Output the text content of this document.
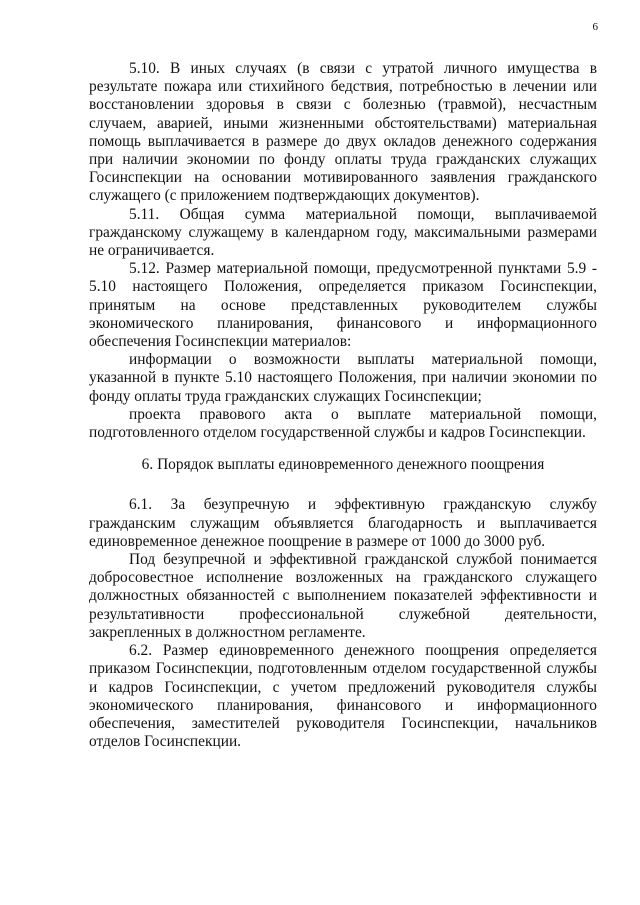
6

5.10. В иных случаях (в связи с утратой личного имущества в результате пожара или стихийного бедствия, потребностью в лечении или восстановлении здоровья в связи с болезнью (травмой), несчастным случаем, аварией, иными жизненными обстоятельствами) материальная помощь выплачивается в размере до двух окладов денежного содержания при наличии экономии по фонду оплаты труда гражданских служащих Госинспекции на основании мотивированного заявления гражданского служащего (с приложением подтверждающих документов).

5.11. Общая сумма материальной помощи, выплачиваемой гражданскому служащему в календарном году, максимальными размерами не ограничивается.

5.12. Размер материальной помощи, предусмотренной пунктами 5.9 - 5.10 настоящего Положения, определяется приказом Госинспекции, принятым на основе представленных руководителем службы экономического планирования, финансового и информационного обеспечения Госинспекции материалов:

информации о возможности выплаты материальной помощи, указанной в пункте 5.10 настоящего Положения, при наличии экономии по фонду оплаты труда гражданских служащих Госинспекции;

проекта правового акта о выплате материальной помощи, подготовленного отделом государственной службы и кадров Госинспекции.

6. Порядок выплаты единовременного денежного поощрения

6.1. За безупречную и эффективную гражданскую службу гражданским служащим объявляется благодарность и выплачивается единовременное денежное поощрение в размере от 1000 до 3000 руб.

Под безупречной и эффективной гражданской службой понимается добросовестное исполнение возложенных на гражданского служащего должностных обязанностей с выполнением показателей эффективности и результативности профессиональной служебной деятельности, закрепленных в должностном регламенте.

6.2. Размер единовременного денежного поощрения определяется приказом Госинспекции, подготовленным отделом государственной службы и кадров Госинспекции, с учетом предложений руководителя службы экономического планирования, финансового и информационного обеспечения, заместителей руководителя Госинспекции, начальников отделов Госинспекции.
